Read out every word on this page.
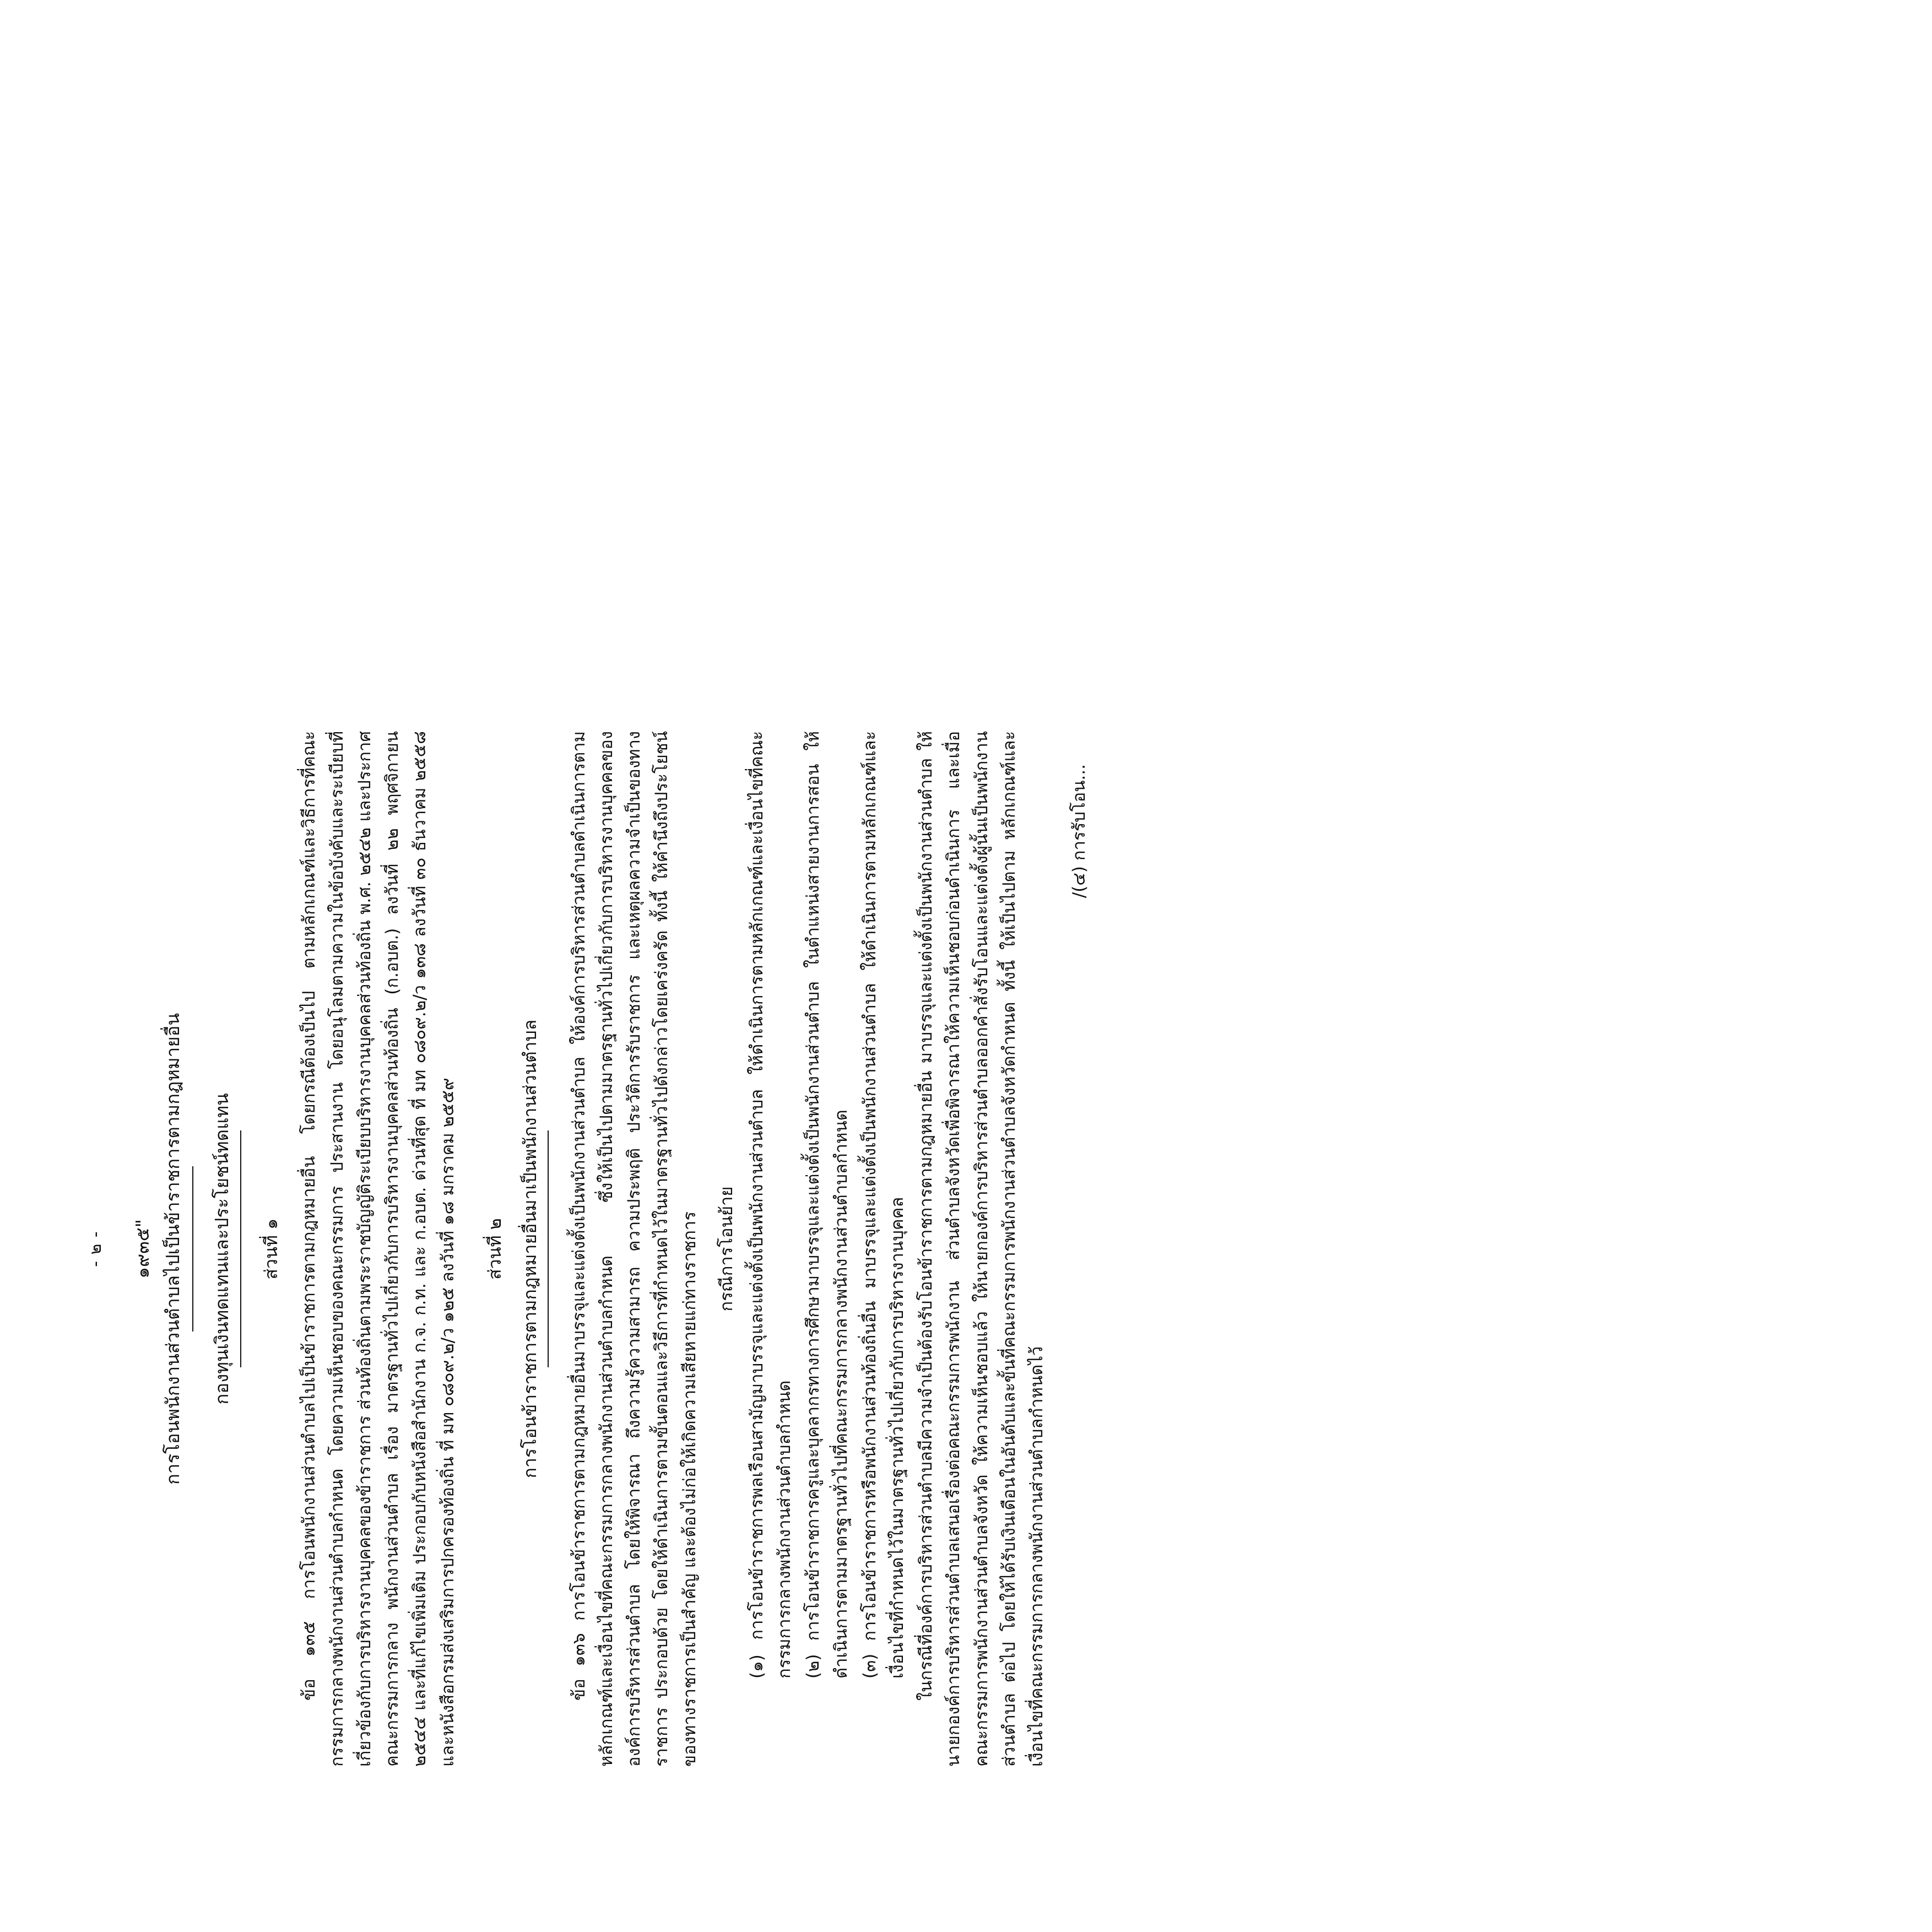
- ๒ - ๑๙๓๕" การโอนพนักงานส่วนตำบลไปเป็นข้าราชการตามกฎหมายอื่น กองทุนเงินทดแทนและประโยชน์ทดแทน ส่วนที่ ๑

ข้อ ๑๓๕ การโอนพนักงานส่วนตำบลไปเป็นข้าราชการตามกฎหมายอื่น โดยกรณีต้องเป็นไป ตามหลักเกณฑ์และวิธีการที่คณะกรรมการกลางพนักงานส่วนตำบลกำหนด โดยความเห็นชอบของคณะกรรมการ ประสานงาน โดยอนุโลมตามความในข้อบังคับและระเบียบที่เกี่ยวข้องกับการบริหารงานบุคคลของข้าราชการ ส่วนท้องถิ่นตามพระราชบัญญัติระเบียบบริหารงานบุคคลส่วนท้องถิ่น พ.ศ. ๒๕๔๒ และประกาศคณะกรรมการกลาง พนักงานส่วนตำบล เรื่อง มาตรฐานทั่วไปเกี่ยวกับการบริหารงานบุคคลส่วนท้องถิ่น (ก.อบต.) ลงวันที่ ๒๒ พฤศจิกายน ๒๕๔๔ และที่แก้ไขเพิ่มเติม ประกอบกับหนังสือสำนักงาน ก.จ. ก.ท. และ ก.อบต. ด่วนที่สุด ที่ มท ๐๘๐๙.๒/ว ๑๓๘ ลงวันที่ ๓๐ ธันวาคม ๒๕๕๘ และหนังสือกรมส่งเสริมการปกครองท้องถิ่น ที่ มท ๐๘๐๙.๒/ว ๑๒๕ ลงวันที่ ๑๘ มกราคม ๒๕๕๙ ส่วนที่ ๒ การโอนข้าราชการตามกฎหมายอื่นมาเป็นพนักงานส่วนตำบล

ข้อ ๑๓๖ การโอนข้าราชการตามกฎหมายอื่นมาบรรจุและแต่งตั้งเป็นพนักงานส่วนตำบล ให้องค์การบริหารส่วนตำบลดำเนินการตามหลักเกณฑ์และเงื่อนไขที่คณะกรรมการกลางพนักงานส่วนตำบลกำหนด ซึ่งให้เป็นไปตามมาตรฐานทั่วไปเกี่ยวกับการบริหารงานบุคคลขององค์การบริหารส่วนตำบล โดยให้พิจารณา ถึงความรู้ความสามารถ ความประพฤติ ประวัติการรับราชการ และเหตุผลความจำเป็นของทางราชการ ประกอบด้วย โดยให้ดำเนินการตามขั้นตอนและวิธีการที่กำหนดไว้ในมาตรฐานทั่วไปดังกล่าวโดยเคร่งครัด ทั้งนี้ ให้คำนึงถึงประโยชน์ของทางราชการเป็นสำคัญ และต้องไม่ก่อให้เกิดความเสียหายแก่ทางราชการ กรณีการโอนย้าย

(๑) การโอนข้าราชการพลเรือนสามัญมาบรรจุและแต่งตั้งเป็นพนักงานส่วนตำบล ให้ดำเนินการตามหลักเกณฑ์และเงื่อนไขที่คณะกรรมการกลางพนักงานส่วนตำบลกำหนด (๒) การโอนข้าราชการครูและบุคลากรทางการศึกษามาบรรจุและแต่งตั้งเป็นพนักงานส่วนตำบล ในตำแหน่งสายงานการสอน ให้ดำเนินการตามมาตรฐานทั่วไปที่คณะกรรมการกลางพนักงานส่วนตำบลกำหนด (๓) การโอนข้าราชการหรือพนักงานส่วนท้องถิ่นอื่น มาบรรจุและแต่งตั้งเป็นพนักงานส่วนตำบล ให้ดำเนินการตามหลักเกณฑ์และเงื่อนไขที่กำหนดไว้ในมาตรฐานทั่วไปเกี่ยวกับการบริหารงานบุคคล ในกรณีที่องค์การบริหารส่วนตำบลมีความจำเป็นต้องรับโอนข้าราชการตามกฎหมายอื่น มาบรรจุและแต่งตั้งเป็นพนักงานส่วนตำบล ให้นายกองค์การบริหารส่วนตำบลเสนอเรื่องต่อคณะกรรมการพนักงาน ส่วนตำบลจังหวัดเพื่อพิจารณาให้ความเห็นชอบก่อนดำเนินการ และเมื่อคณะกรรมการพนักงานส่วนตำบลจังหวัด ให้ความเห็นชอบแล้ว ให้นายกองค์การบริหารส่วนตำบลออกคำสั่งรับโอนและแต่งตั้งผู้นั้นเป็นพนักงานส่วนตำบล ต่อไป โดยให้ได้รับเงินเดือนในอันดับและขั้นที่คณะกรรมการพนักงานส่วนตำบลจังหวัดกำหนด ทั้งนี้ ให้เป็นไปตาม หลักเกณฑ์และเงื่อนไขที่คณะกรรมการกลางพนักงานส่วนตำบลกำหนดไว้

/(๔) การรับโอน...
